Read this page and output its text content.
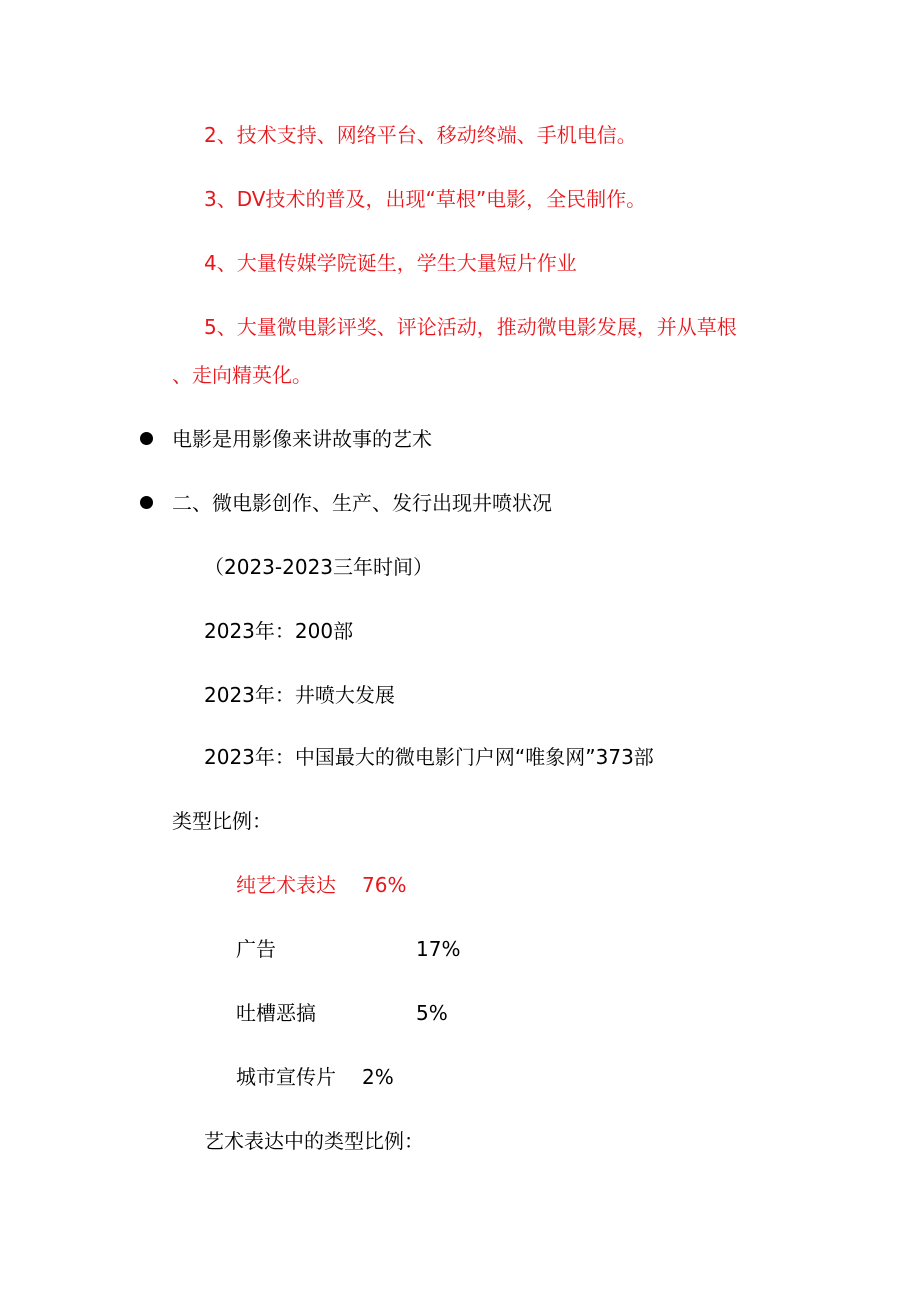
2、技术支持、网络平台、移动终端、手机电信。
3、DV技术的普及，出现“草根”电影，全民制作。
4、大量传媒学院诞生，学生大量短片作业
5、大量微电影评奖、评论活动，推动微电影发展，并从草根
、走向精英化。
电影是用影像来讲故事的艺术
二、微电影创作、生产、发行出现井喷状况
（2023-2023三年时间）
2023年：200部
2023年：井喷大发展
2023年：中国最大的微电影门户网“唯象网”373部
类型比例：
纯艺术表达 76%
广告	17%
吐槽恶搞	5%
城市宣传片 2%
艺术表达中的类型比例：
